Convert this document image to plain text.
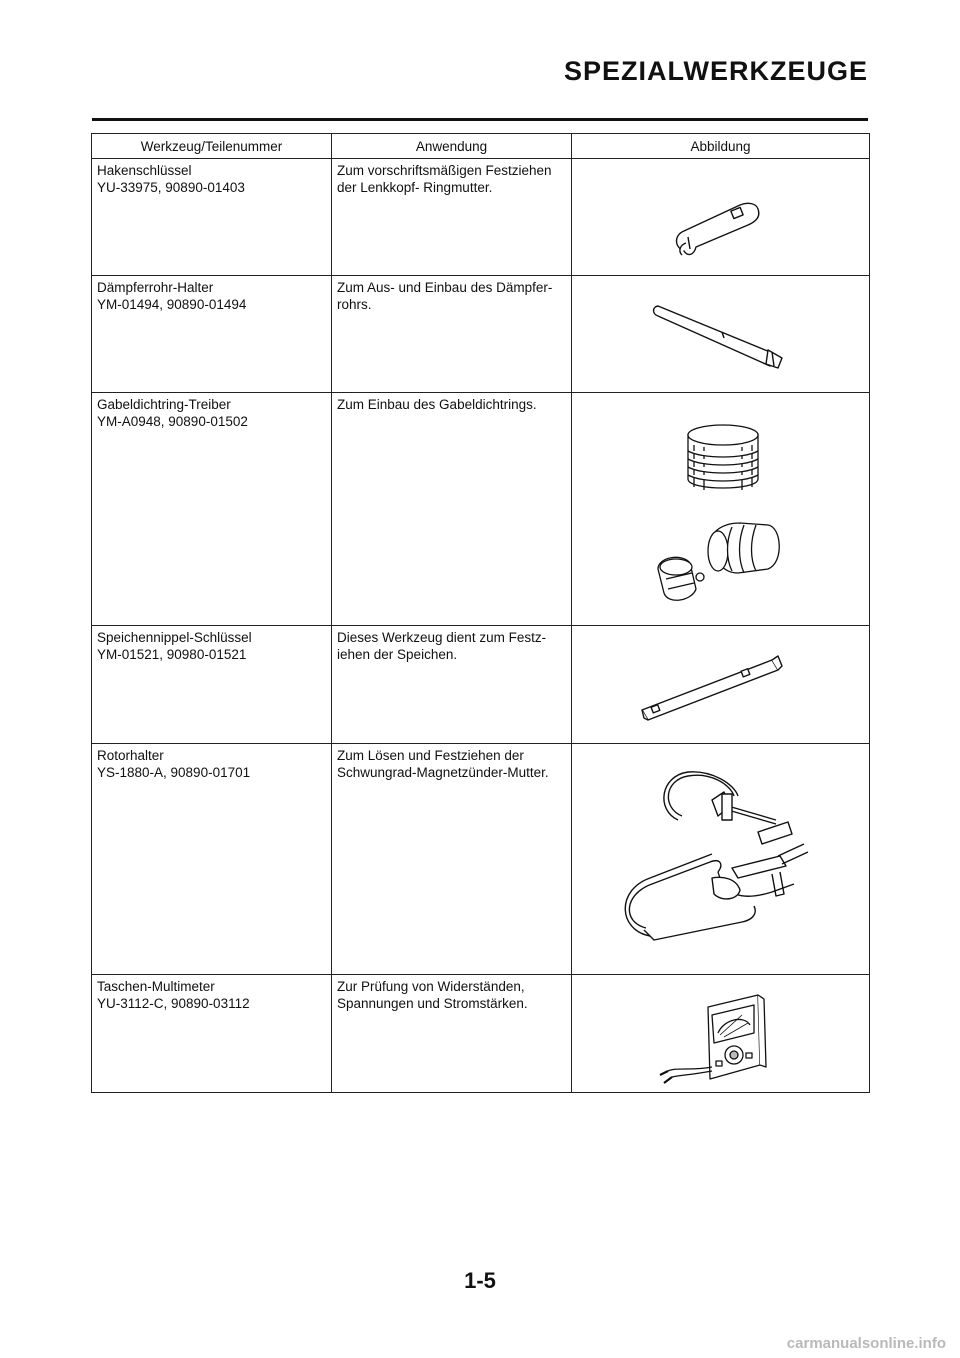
SPEZIALWERKZEUGE
Werkzeug/Teilenummer	Anwendung	Abbildung

Hakenschlüssel
YU-33975, 90890-01403	Zum vorschriftsmäßigen Festziehen
der Lenkkopf- Ringmutter.

Dämpferrohr-Halter
YM-01494, 90890-01494	Zum Aus- und Einbau des Dämpfer-
rohrs.

Gabeldichtring-Treiber
YM-A0948, 90890-01502	Zum Einbau des Gabeldichtrings.

Speichennippel-Schlüssel
YM-01521, 90980-01521	Dieses Werkzeug dient zum Festz-
iehen der Speichen.

Rotorhalter
YS-1880-A, 90890-01701	Zum Lösen und Festziehen der
Schwungrad-Magnetzünder-Mutter.

Taschen-Multimeter
YU-3112-C, 90890-03112	Zur Prüfung von Widerständen,
Spannungen und Stromstärken.

1-5
carmanualsonline.info
